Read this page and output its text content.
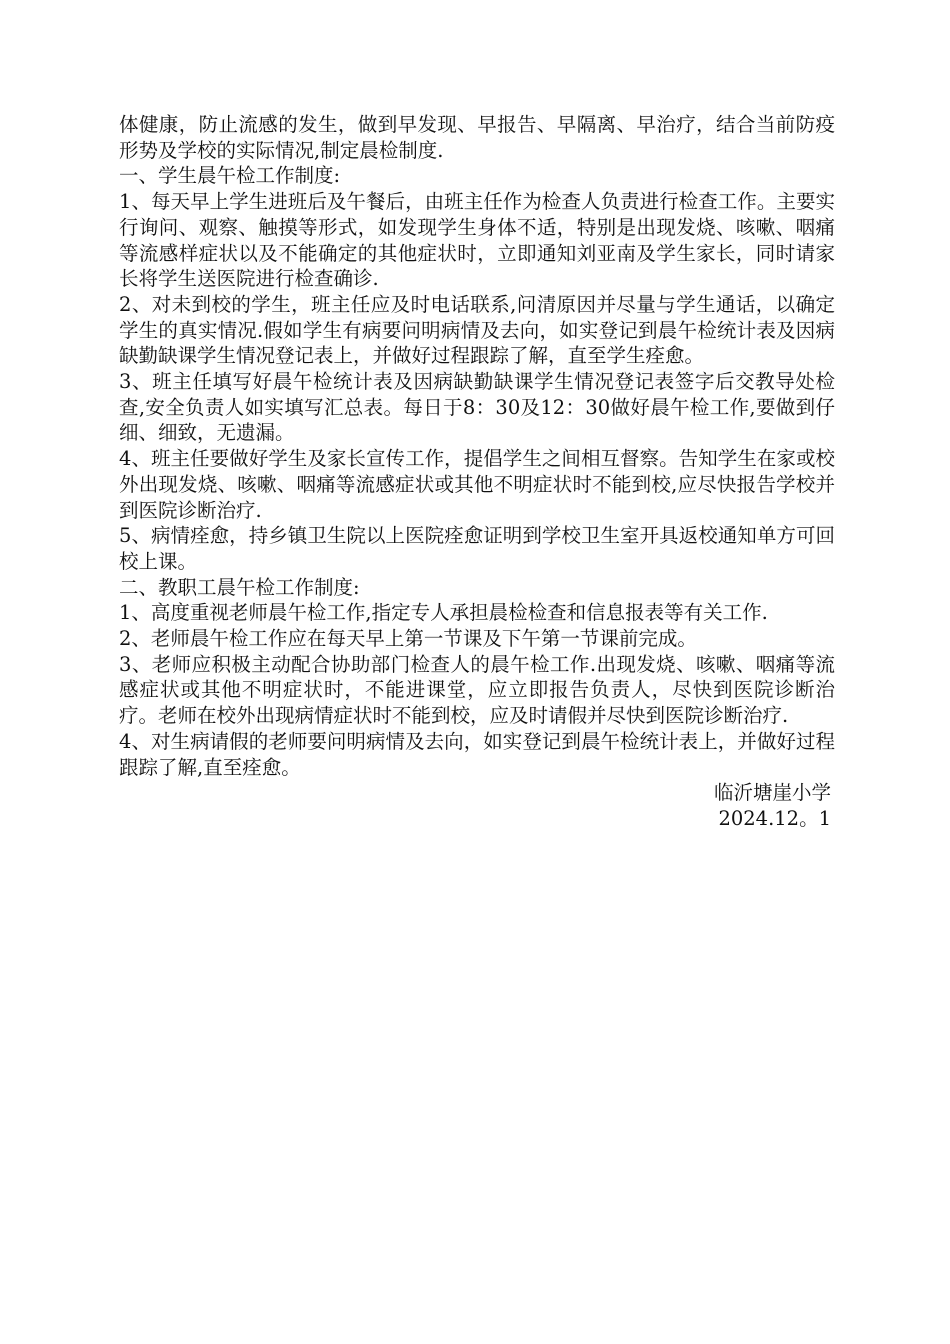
体健康，防止流感的发生，做到早发现、早报告、早隔离、早治疗，结合当前防疫形势及学校的实际情况,制定晨检制度.

一、学生晨午检工作制度:

1、每天早上学生进班后及午餐后，由班主任作为检查人负责进行检查工作。主要实行询问、观察、触摸等形式，如发现学生身体不适，特别是出现发烧、咳嗽、咽痛等流感样症状以及不能确定的其他症状时，立即通知刘亚南及学生家长，同时请家长将学生送医院进行检查确诊.

2、对未到校的学生，班主任应及时电话联系,问清原因并尽量与学生通话，以确定学生的真实情况.假如学生有病要问明病情及去向，如实登记到晨午检统计表及因病缺勤缺课学生情况登记表上，并做好过程跟踪了解，直至学生痊愈。

3、班主任填写好晨午检统计表及因病缺勤缺课学生情况登记表签字后交教导处检查,安全负责人如实填写汇总表。每日于8：30及12：30做好晨午检工作,要做到仔细、细致，无遗漏。

4、班主任要做好学生及家长宣传工作，提倡学生之间相互督察。告知学生在家或校外出现发烧、咳嗽、咽痛等流感症状或其他不明症状时不能到校,应尽快报告学校并到医院诊断治疗.

5、病情痊愈，持乡镇卫生院以上医院痊愈证明到学校卫生室开具返校通知单方可回校上课。

二、教职工晨午检工作制度:

1、高度重视老师晨午检工作,指定专人承担晨检检查和信息报表等有关工作.

2、老师晨午检工作应在每天早上第一节课及下午第一节课前完成。

3、老师应积极主动配合协助部门检查人的晨午检工作.出现发烧、咳嗽、咽痛等流感症状或其他不明症状时，不能进课堂，应立即报告负责人，尽快到医院诊断治疗。老师在校外出现病情症状时不能到校，应及时请假并尽快到医院诊断治疗.

4、对生病请假的老师要问明病情及去向，如实登记到晨午检统计表上，并做好过程跟踪了解,直至痊愈。

临沂塘崖小学

2024.12。1
